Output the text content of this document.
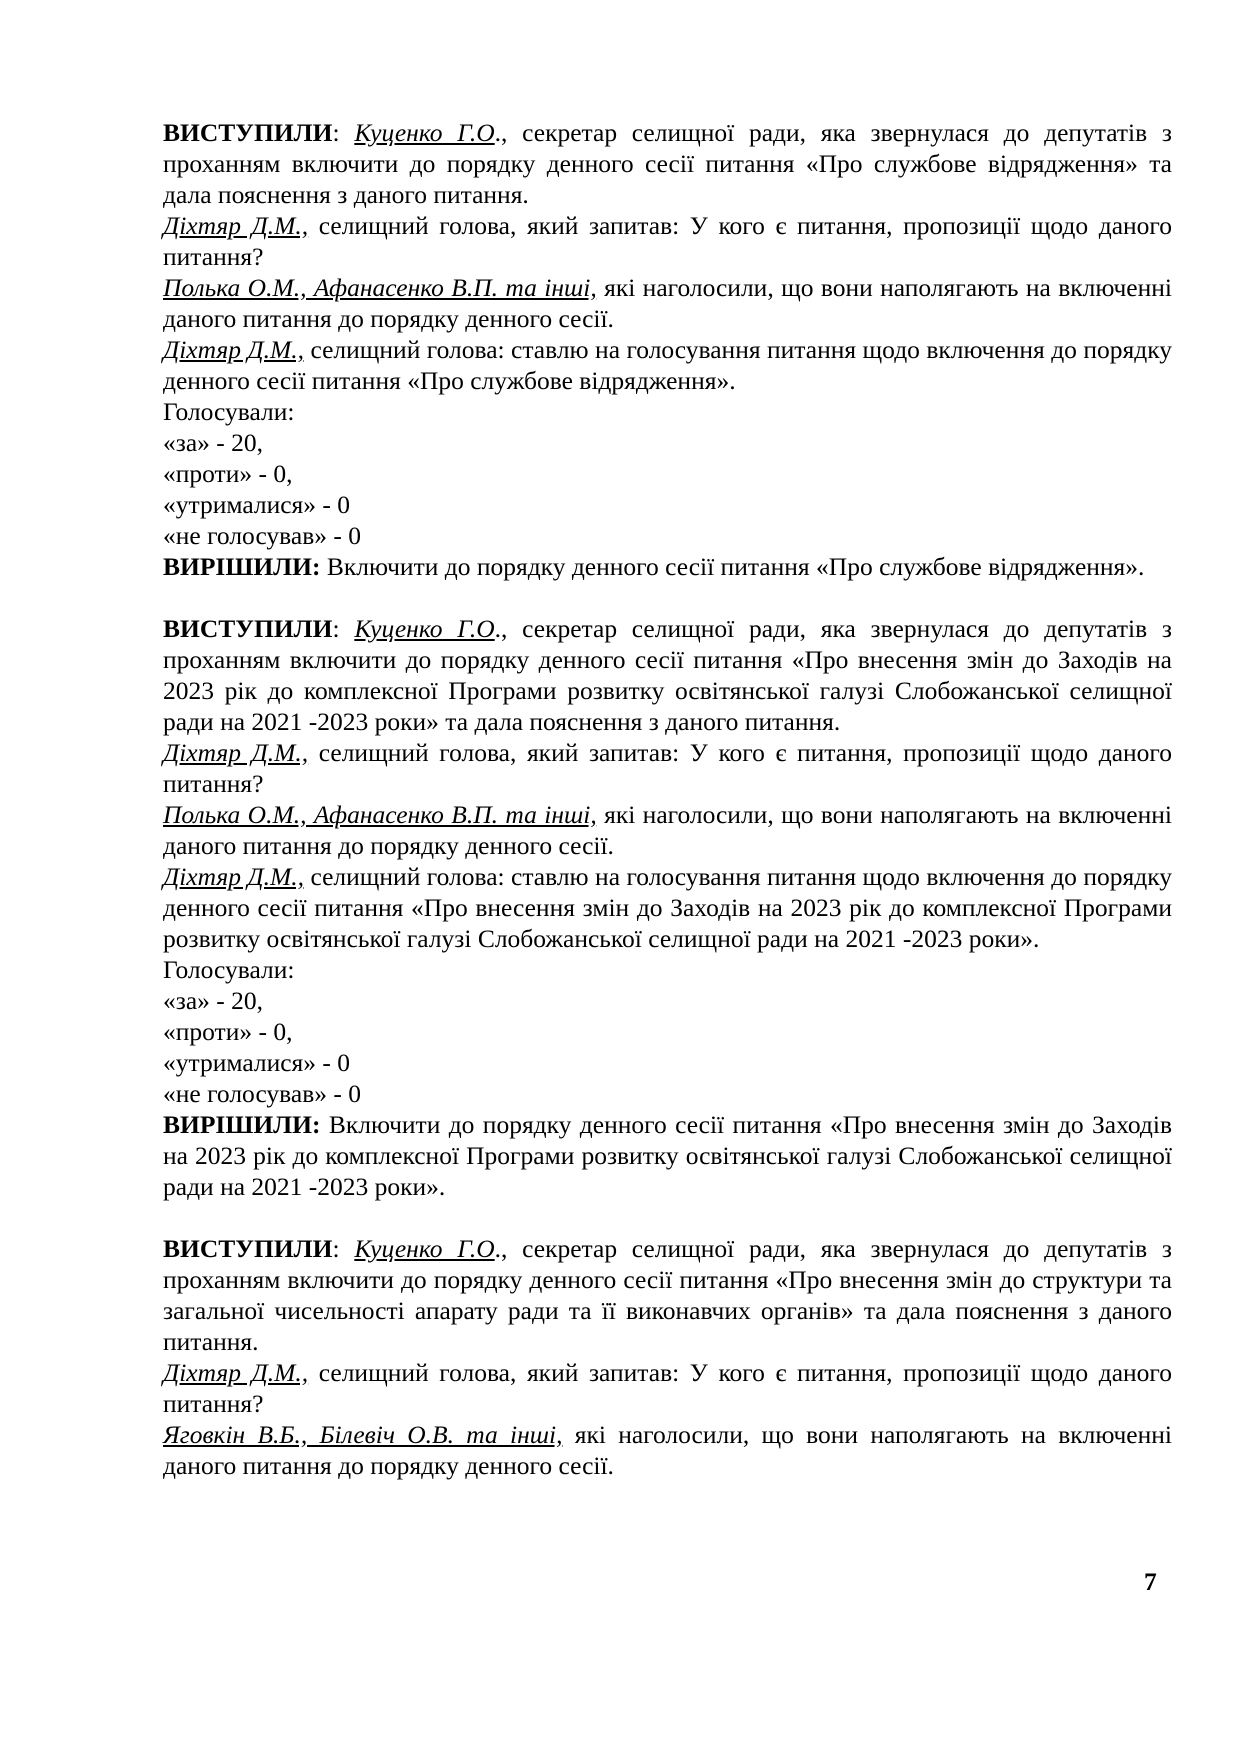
ВИСТУПИЛИ: Куценко Г.О., секретар селищної ради, яка звернулася до депутатів з проханням включити до порядку денного сесії питання «Про службове відрядження» та дала пояснення з даного питання.

Діхтяр Д.М., селищний голова, який запитав: У кого є питання, пропозиції щодо даного питання?

Полька О.М., Афанасенко В.П. та інші, які наголосили, що вони наполягають на включенні даного питання до порядку денного сесії.

Діхтяр Д.М., селищний голова: ставлю на голосування питання щодо включення до порядку денного сесії питання «Про службове відрядження».

Голосували:

«за» - 20,

«проти» - 0,

«утрималися» - 0

«не голосував» - 0

ВИРІШИЛИ: Включити до порядку денного сесії питання «Про службове відрядження».

ВИСТУПИЛИ: Куценко Г.О., секретар селищної ради, яка звернулася до депутатів з проханням включити до порядку денного сесії питання «Про внесення змін до Заходів на 2023 рік до комплексної Програми розвитку освітянської галузі Слобожанської селищної ради на 2021 -2023 роки» та дала пояснення з даного питання.

Діхтяр Д.М., селищний голова, який запитав: У кого є питання, пропозиції щодо даного питання?

Полька О.М., Афанасенко В.П. та інші, які наголосили, що вони наполягають на включенні даного питання до порядку денного сесії.

Діхтяр Д.М., селищний голова: ставлю на голосування питання щодо включення до порядку денного сесії питання «Про внесення змін до Заходів на 2023 рік до комплексної Програми розвитку освітянської галузі Слобожанської селищної ради на 2021 -2023 роки».

Голосували:

«за» - 20,

«проти» - 0,

«утрималися» - 0

«не голосував» - 0

ВИРІШИЛИ: Включити до порядку денного сесії питання «Про внесення змін до Заходів на 2023 рік до комплексної Програми розвитку освітянської галузі Слобожанської селищної ради на 2021 -2023 роки».

ВИСТУПИЛИ: Куценко Г.О., секретар селищної ради, яка звернулася до депутатів з проханням включити до порядку денного сесії питання «Про внесення змін до структури та загальної чисельності апарату ради та її виконавчих органів» та дала пояснення з даного питання.

Діхтяр Д.М., селищний голова, який запитав: У кого є питання, пропозиції щодо даного питання?

Яговкін В.Б., Білевіч О.В. та інші, які наголосили, що вони наполягають на включенні даного питання до порядку денного сесії.

7
